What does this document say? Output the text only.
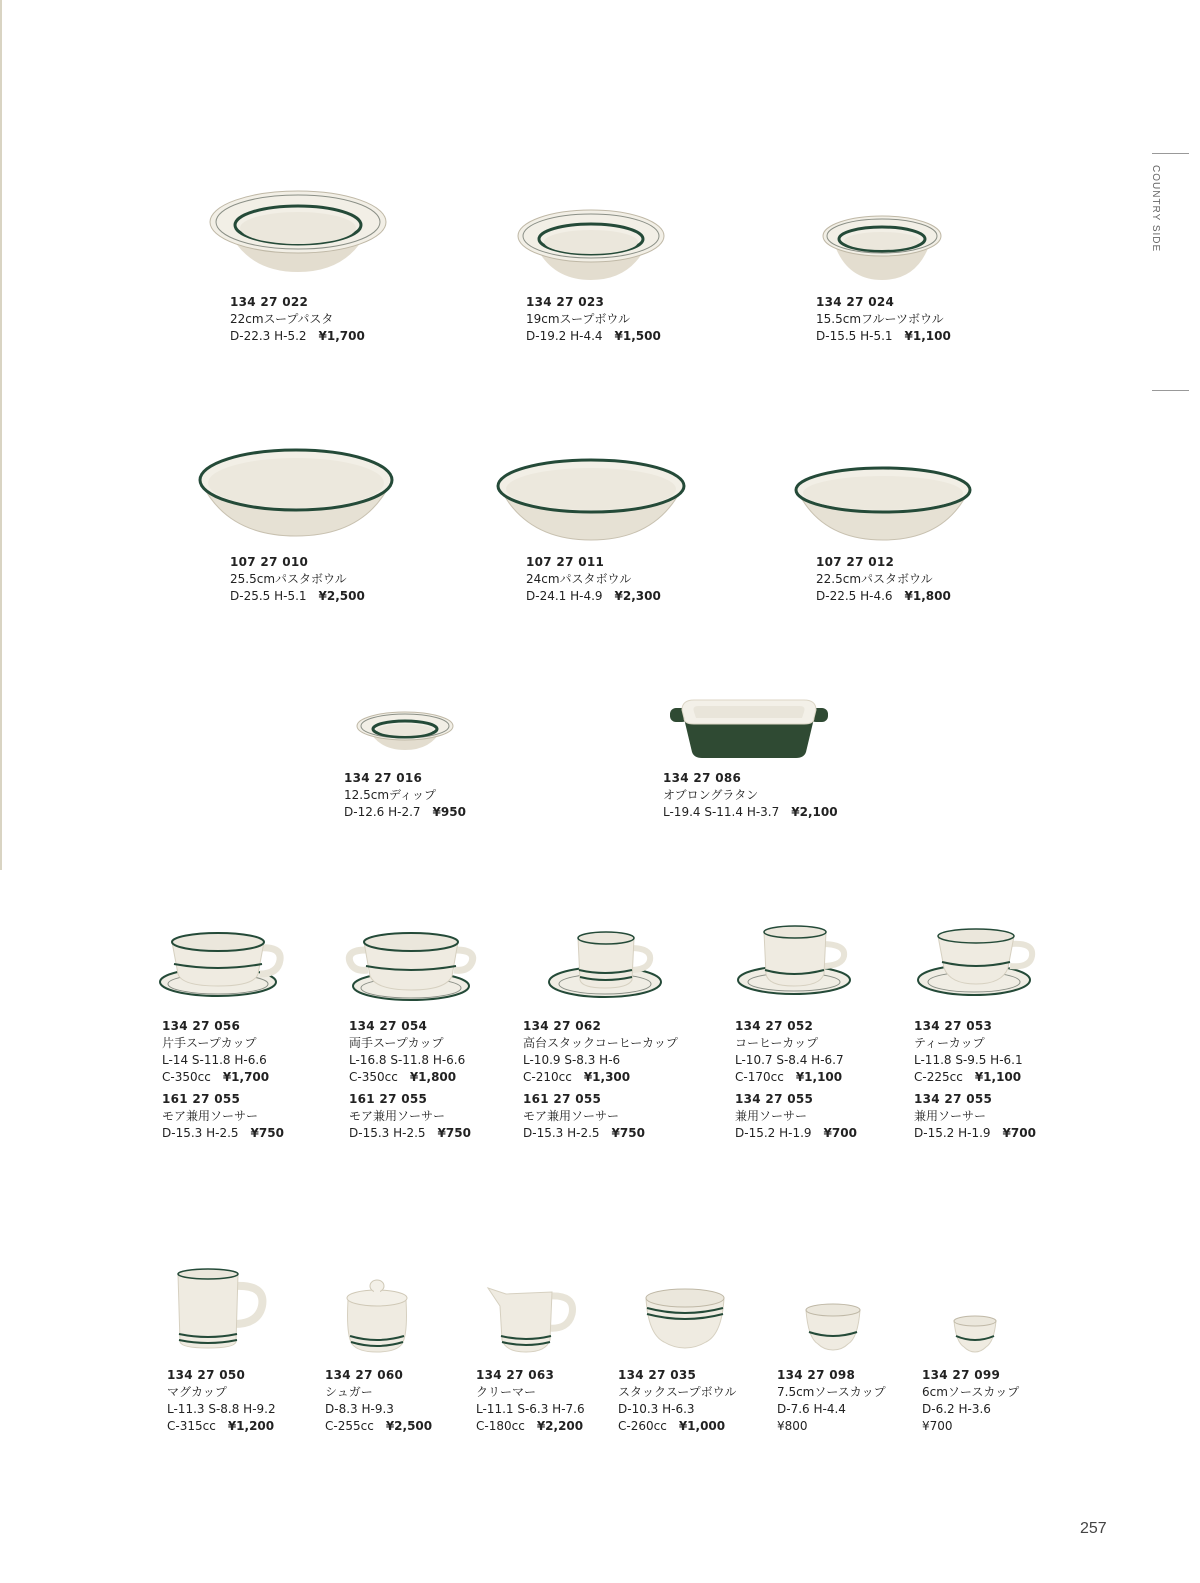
COUNTRY SIDE
134 27 022
22cmスープパスタ
D-22.3 H-5.2 ¥1,700
134 27 023
19cmスープボウル
D-19.2 H-4.4 ¥1,500
134 27 024
15.5cmフルーツボウル
D-15.5 H-5.1 ¥1,100
107 27 010
25.5cmパスタボウル
D-25.5 H-5.1 ¥2,500
107 27 011
24cmパスタボウル
D-24.1 H-4.9 ¥2,300
107 27 012
22.5cmパスタボウル
D-22.5 H-4.6 ¥1,800
134 27 016
12.5cmディップ
D-12.6 H-2.7 ¥950
134 27 086
オブロングラタン
L-19.4 S-11.4 H-3.7 ¥2,100
134 27 056
片手スープカップ
L-14 S-11.8 H-6.6
C-350cc ¥1,700
161 27 055
モア兼用ソーサー
D-15.3 H-2.5 ¥750
134 27 054
両手スープカップ
L-16.8 S-11.8 H-6.6
C-350cc ¥1,800
161 27 055
モア兼用ソーサー
D-15.3 H-2.5 ¥750
134 27 062
高台スタックコーヒーカップ
L-10.9 S-8.3 H-6
C-210cc ¥1,300
161 27 055
モア兼用ソーサー
D-15.3 H-2.5 ¥750
134 27 052
コーヒーカップ
L-10.7 S-8.4 H-6.7
C-170cc ¥1,100
134 27 055
兼用ソーサー
D-15.2 H-1.9 ¥700
134 27 053
ティーカップ
L-11.8 S-9.5 H-6.1
C-225cc ¥1,100
134 27 055
兼用ソーサー
D-15.2 H-1.9 ¥700
134 27 050
マグカップ
L-11.3 S-8.8 H-9.2
C-315cc ¥1,200
134 27 060
シュガー
D-8.3 H-9.3
C-255cc ¥2,500
134 27 063
クリーマー
L-11.1 S-6.3 H-7.6
C-180cc ¥2,200
134 27 035
スタックスープボウル
D-10.3 H-6.3
C-260cc ¥1,000
134 27 098
7.5cmソースカップ
D-7.6 H-4.4
¥800
134 27 099
6cmソースカップ
D-6.2 H-3.6
¥700
257
